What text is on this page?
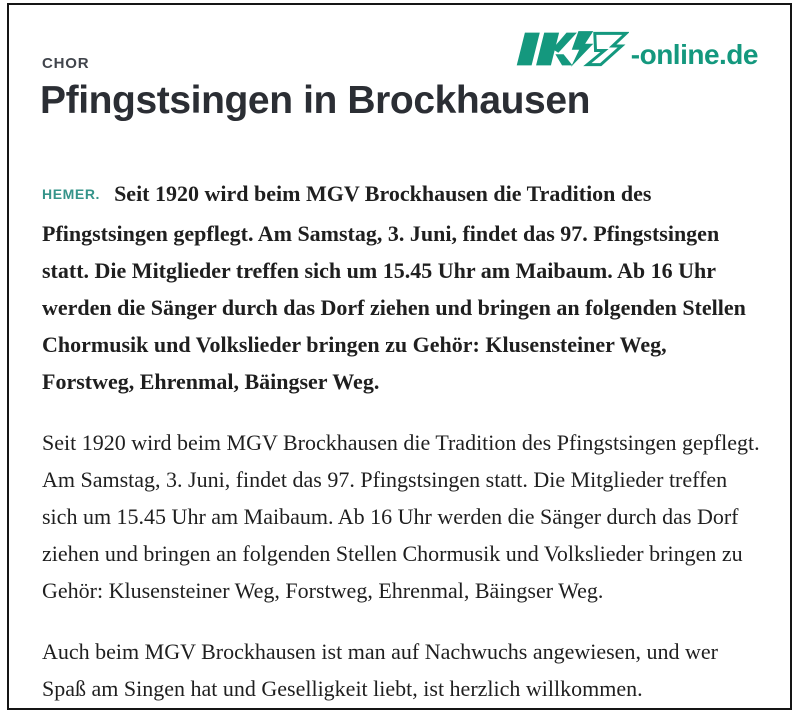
CHOR
Pfingstsingen in Brockhausen
-online.de

HEMER. Seit 1920 wird beim MGV Brockhausen die Tradition des Pfingstsingen gepflegt. Am Samstag, 3. Juni, findet das 97. Pfingstsingen statt. Die Mitglieder treffen sich um 15.45 Uhr am Maibaum. Ab 16 Uhr werden die Sänger durch das Dorf ziehen und bringen an folgenden Stellen Chormusik und Volkslieder bringen zu Gehör: Klusensteiner Weg, Forstweg, Ehrenmal, Bäingser Weg.

Seit 1920 wird beim MGV Brockhausen die Tradition des Pfingstsingen gepflegt. Am Samstag, 3. Juni, findet das 97. Pfingstsingen statt. Die Mitglieder treffen sich um 15.45 Uhr am Maibaum. Ab 16 Uhr werden die Sänger durch das Dorf ziehen und bringen an folgenden Stellen Chormusik und Volkslieder bringen zu Gehör: Klusensteiner Weg, Forstweg, Ehrenmal, Bäingser Weg.

Auch beim MGV Brockhausen ist man auf Nachwuchs angewiesen, und wer Spaß am Singen hat und Geselligkeit liebt, ist herzlich willkommen.
